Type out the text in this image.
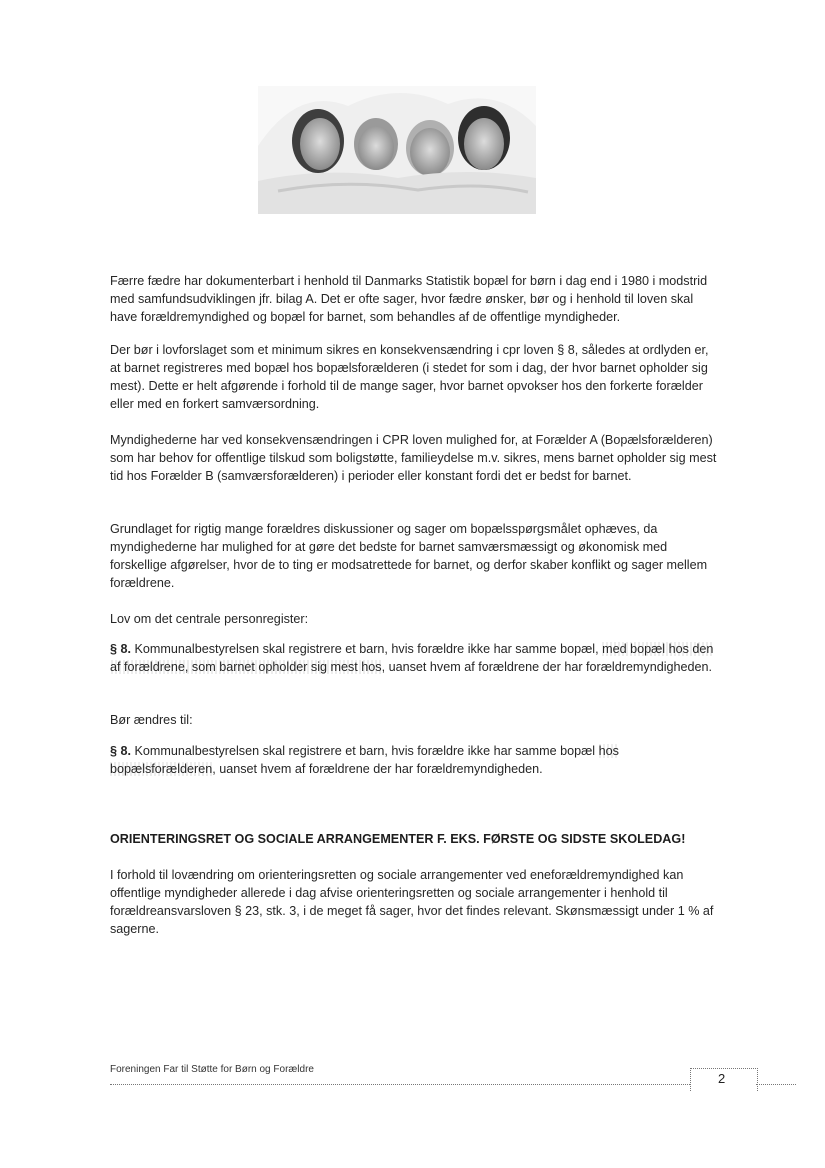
Færre fædre har dokumenterbart i henhold til Danmarks Statistik bopæl for børn i dag end i 1980 i modstrid med samfundsudviklingen jfr. bilag A. Det er ofte sager, hvor fædre ønsker, bør og i henhold til loven skal have forældremyndighed og bopæl for barnet, som behandles af de offentlige myndigheder.

Der bør i lovforslaget som et minimum sikres en konsekvensændring i cpr loven § 8, således at ordlyden er, at barnet registreres med bopæl hos bopælsforælderen (i stedet for som i dag, der hvor barnet opholder sig mest). Dette er helt afgørende i forhold til de mange sager, hvor barnet opvokser hos den forkerte forælder eller med en forkert samværsordning.

Myndighederne har ved konsekvensændringen i CPR loven mulighed for, at Forælder A (Bopælsforælderen) som har behov for offentlige tilskud som boligstøtte, familieydelse m.v. sikres, mens barnet opholder sig mest tid hos Forælder B (samværsforælderen) i perioder eller konstant fordi det er bedst for barnet.

Grundlaget for rigtig mange forældres diskussioner og sager om bopælsspørgsmålet ophæves, da myndighederne har mulighed for at gøre det bedste for barnet samværsmæssigt og økonomisk med forskellige afgørelser, hvor de to ting er modsatrettede for barnet, og derfor skaber konflikt og sager mellem forældrene.

Lov om det centrale personregister:

§ 8. Kommunalbestyrelsen skal registrere et barn, hvis forældre ikke har samme bopæl, med bopæl hos den af forældrene, som barnet opholder sig mest hos, uanset hvem af forældrene der har forældremyndigheden.

Bør ændres til:

§ 8. Kommunalbestyrelsen skal registrere et barn, hvis forældre ikke har samme bopæl hos bopælsforælderen, uanset hvem af forældrene der har forældremyndigheden.

ORIENTERINGSRET OG SOCIALE ARRANGEMENTER F. EKS. FØRSTE OG SIDSTE SKOLEDAG!

I forhold til lovændring om orienteringsretten og sociale arrangementer ved eneforældremyndighed kan offentlige myndigheder allerede i dag afvise orienteringsretten og sociale arrangementer i henhold til forældreansvarsloven § 23, stk. 3, i de meget få sager, hvor det findes relevant. Skønsmæssigt under 1 % af sagerne.

Foreningen Far til Støtte for Børn og Forældre
2
